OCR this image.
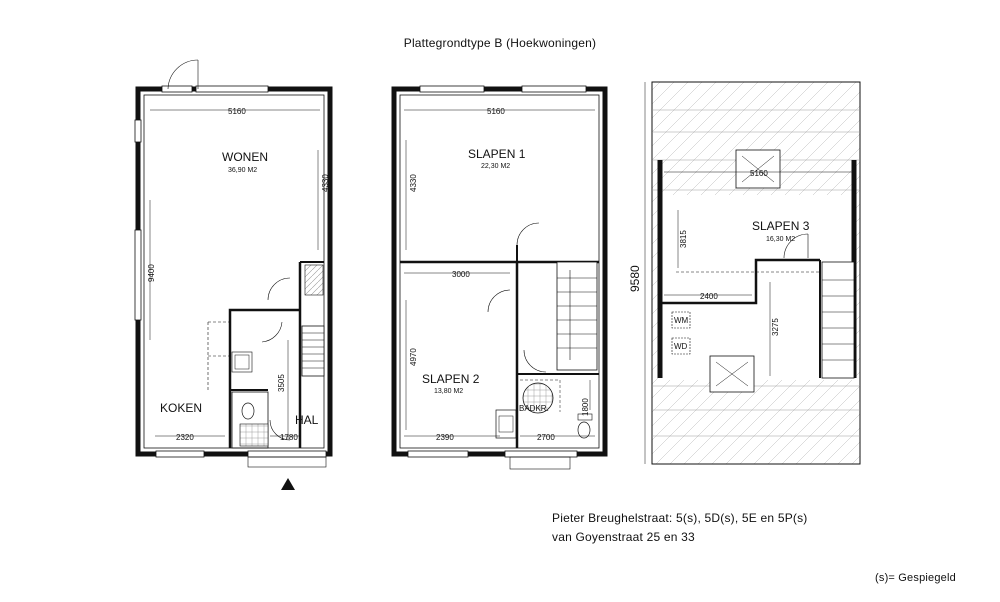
Plattegrondtype B (Hoekwoningen)
WONEN
36,90 M2
KOKEN
HAL
5160
4330
9400
3505
2320	1780
SLAPEN 1
22,30 M2
SLAPEN 2
13,80 M2
BADKR.
5160
4330
3000
4970
1800
2390	2700
SLAPEN 3
16,30 M2
WM
WD
5160
3815
2400
3275
9580
Pieter Breughelstraat: 5(s), 5D(s), 5E en 5P(s)
van Goyenstraat 25 en 33
(s)= Gespiegeld
